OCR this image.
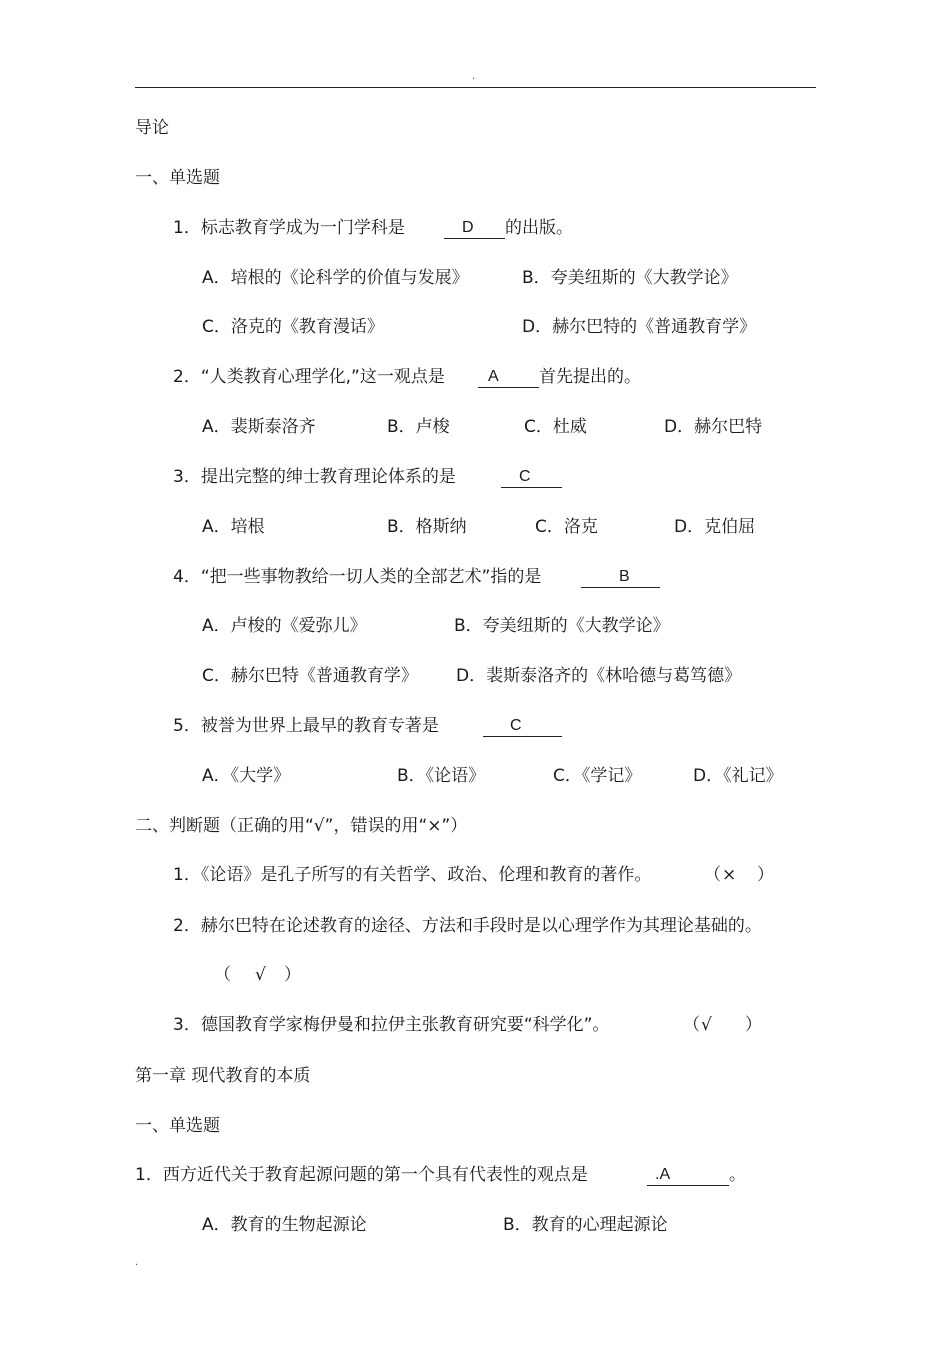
.
导论
一、单选题
1．标志教育学成为一门学科是	D 的出版。
A．培根的《论科学的价值与发展》	B．夸美纽斯的《大教学论》
C．洛克的《教育漫话》	D．赫尔巴特的《普通教育学》
2．“人类教育心理学化,”这一观点是	A 首先提出的。
A．裴斯泰洛齐	B．卢梭	C．杜威	D．赫尔巴特
3．提出完整的绅士教育理论体系的是	C
A．培根	B．格斯纳	C．洛克	D．克伯屈
4．“把一些事物教给一切人类的全部艺术”指的是	B
A．卢梭的《爱弥儿》	B．夸美纽斯的《大教学论》
C．赫尔巴特《普通教育学》 D．裴斯泰洛齐的《林哈德与葛笃德》
5．被誉为世界上最早的教育专著是	C
A．《大学》	B．《论语》	C．《学记》	D．《礼记》
二、判断题（正确的用“√”，错误的用“×”）
1．《论语》是孔子所写的有关哲学、政治、伦理和教育的著作。	（ × ）
2．赫尔巴特在论述教育的途径、方法和手段时是以心理学作为其理论基础的。
（ √ ）
3．德国教育学家梅伊曼和拉伊主张教育研究要“科学化”。	（ √ ）
第一章 现代教育的本质
一、单选题
1．西方近代关于教育起源问题的第一个具有代表性的观点是	.A	。
A．教育的生物起源论	B．教育的心理起源论
.
